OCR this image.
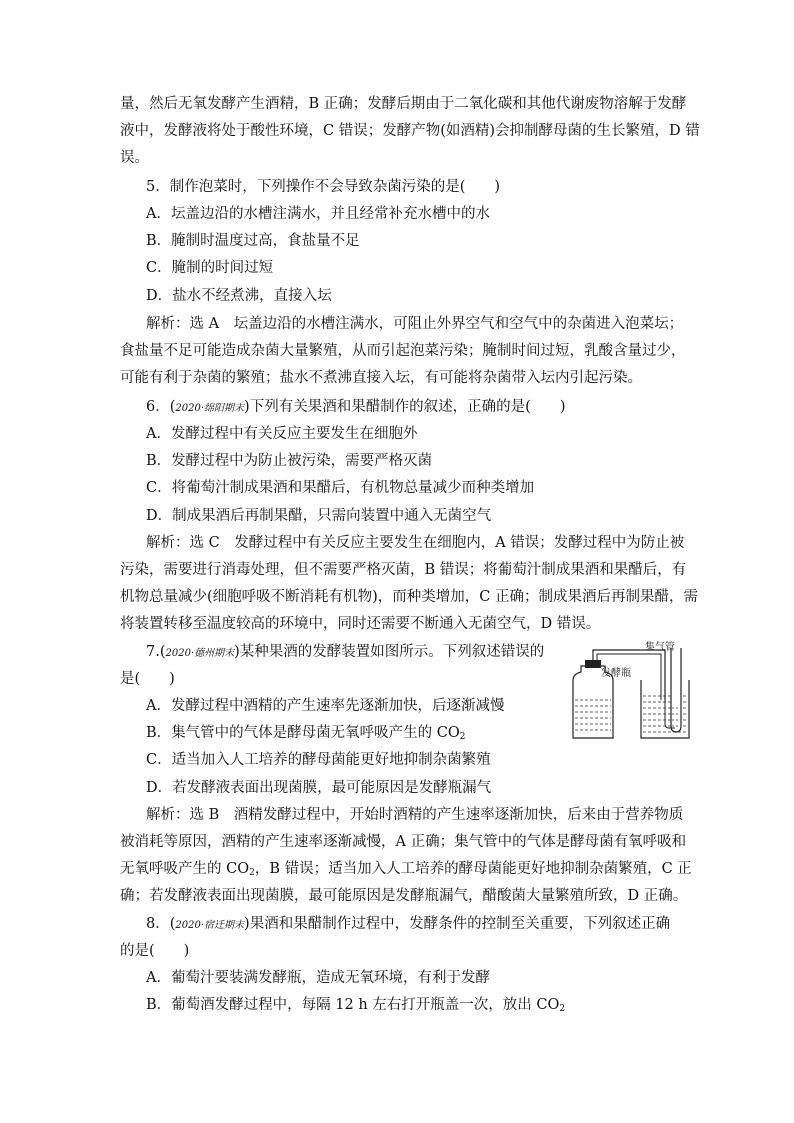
量，然后无氧发酵产生酒精，B 正确；发酵后期由于二氧化碳和其他代谢废物溶解于发酵
液中，发酵液将处于酸性环境，C 错误；发酵产物(如酒精)会抑制酵母菌的生长繁殖，D 错
误。
5．制作泡菜时，下列操作不会导致杂菌污染的是(　　)
A．坛盖边沿的水槽注满水，并且经常补充水槽中的水
B．腌制时温度过高，食盐量不足
C．腌制的时间过短
D．盐水不经煮沸，直接入坛
解析：选 A　坛盖边沿的水槽注满水，可阻止外界空气和空气中的杂菌进入泡菜坛；
食盐量不足可能造成杂菌大量繁殖，从而引起泡菜污染；腌制时间过短，乳酸含量过少，
可能有利于杂菌的繁殖；盐水不煮沸直接入坛，有可能将杂菌带入坛内引起污染。
6．(2020·绵阳期末)下列有关果酒和果醋制作的叙述，正确的是(　　)
A．发酵过程中有关反应主要发生在细胞外
B．发酵过程中为防止被污染，需要严格灭菌
C．将葡萄汁制成果酒和果醋后，有机物总量减少而种类增加
D．制成果酒后再制果醋，只需向装置中通入无菌空气
解析：选 C　发酵过程中有关反应主要发生在细胞内，A 错误；发酵过程中为防止被
污染，需要进行消毒处理，但不需要严格灭菌，B 错误；将葡萄汁制成果酒和果醋后，有
机物总量减少(细胞呼吸不断消耗有机物)，而种类增加，C 正确；制成果酒后再制果醋，需
将装置转移至温度较高的环境中，同时还需要不断通入无菌空气，D 错误。
7.(2020·德州期末)某种果酒的发酵装置如图所示。下列叙述错误的
是(　　)
A．发酵过程中酒精的产生速率先逐渐加快，后逐渐减慢
B．集气管中的气体是酵母菌无氧呼吸产生的 $CO_2$
C．适当加入人工培养的酵母菌能更好地抑制杂菌繁殖
D．若发酵液表面出现菌膜，最可能原因是发酵瓶漏气
解析：选 B　酒精发酵过程中，开始时酒精的产生速率逐渐加快，后来由于营养物质
被消耗等原因，酒精的产生速率逐渐减慢，A 正确；集气管中的气体是酵母菌有氧呼吸和
无氧呼吸产生的 $CO_2$，B 错误；适当加入人工培养的酵母菌能更好地抑制杂菌繁殖，C 正
确；若发酵液表面出现菌膜，最可能原因是发酵瓶漏气，醋酸菌大量繁殖所致，D 正确。
8．(2020·宿迁期末)果酒和果醋制作过程中，发酵条件的控制至关重要，下列叙述正确
的是(　　)
A．葡萄汁要装满发酵瓶，造成无氧环境，有利于发酵
B．葡萄酒发酵过程中，每隔 12 h 左右打开瓶盖一次，放出 $CO_2$
发酵瓶
集气管
